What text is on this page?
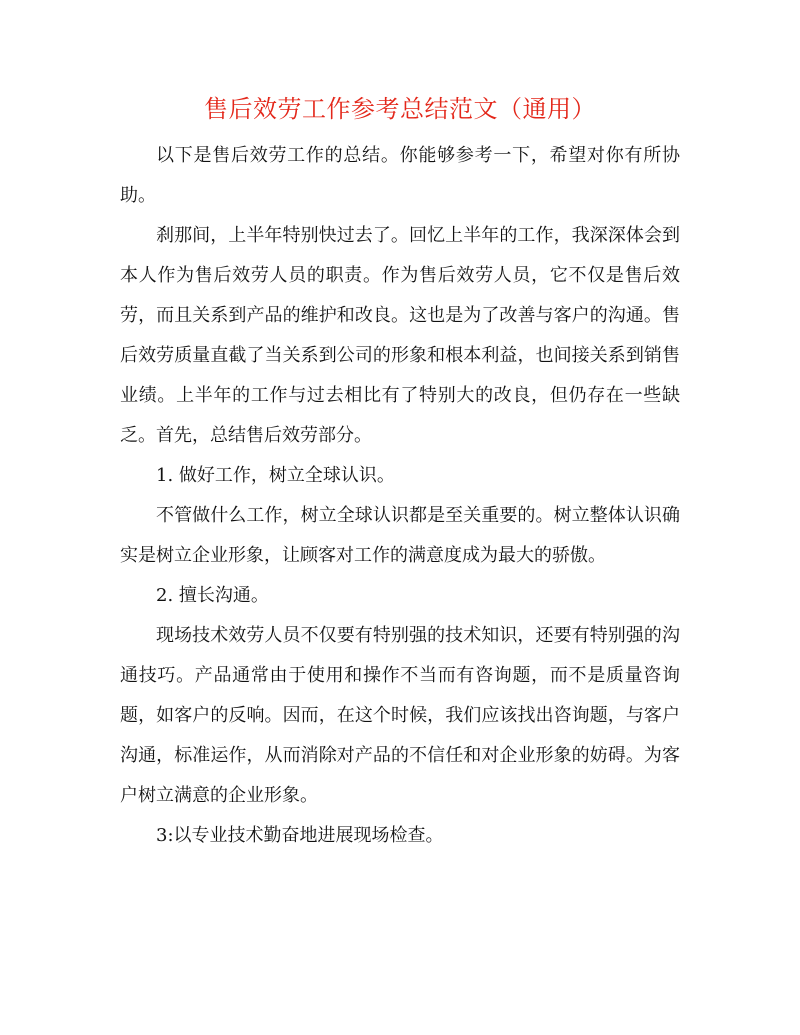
售后效劳工作参考总结范文（通用）

以下是售后效劳工作的总结。你能够参考一下，希望对你有所协助。

刹那间，上半年特别快过去了。回忆上半年的工作，我深深体会到本人作为售后效劳人员的职责。作为售后效劳人员，它不仅是售后效劳，而且关系到产品的维护和改良。这也是为了改善与客户的沟通。售后效劳质量直截了当关系到公司的形象和根本利益，也间接关系到销售业绩。上半年的工作与过去相比有了特别大的改良，但仍存在一些缺乏。首先，总结售后效劳部分。

1. 做好工作，树立全球认识。

不管做什么工作，树立全球认识都是至关重要的。树立整体认识确实是树立企业形象，让顾客对工作的满意度成为最大的骄傲。

2. 擅长沟通。

现场技术效劳人员不仅要有特别强的技术知识，还要有特别强的沟通技巧。产品通常由于使用和操作不当而有咨询题，而不是质量咨询题，如客户的反响。因而，在这个时候，我们应该找出咨询题，与客户沟通，标准运作，从而消除对产品的不信任和对企业形象的妨碍。为客户树立满意的企业形象。

3:以专业技术勤奋地进展现场检查。
